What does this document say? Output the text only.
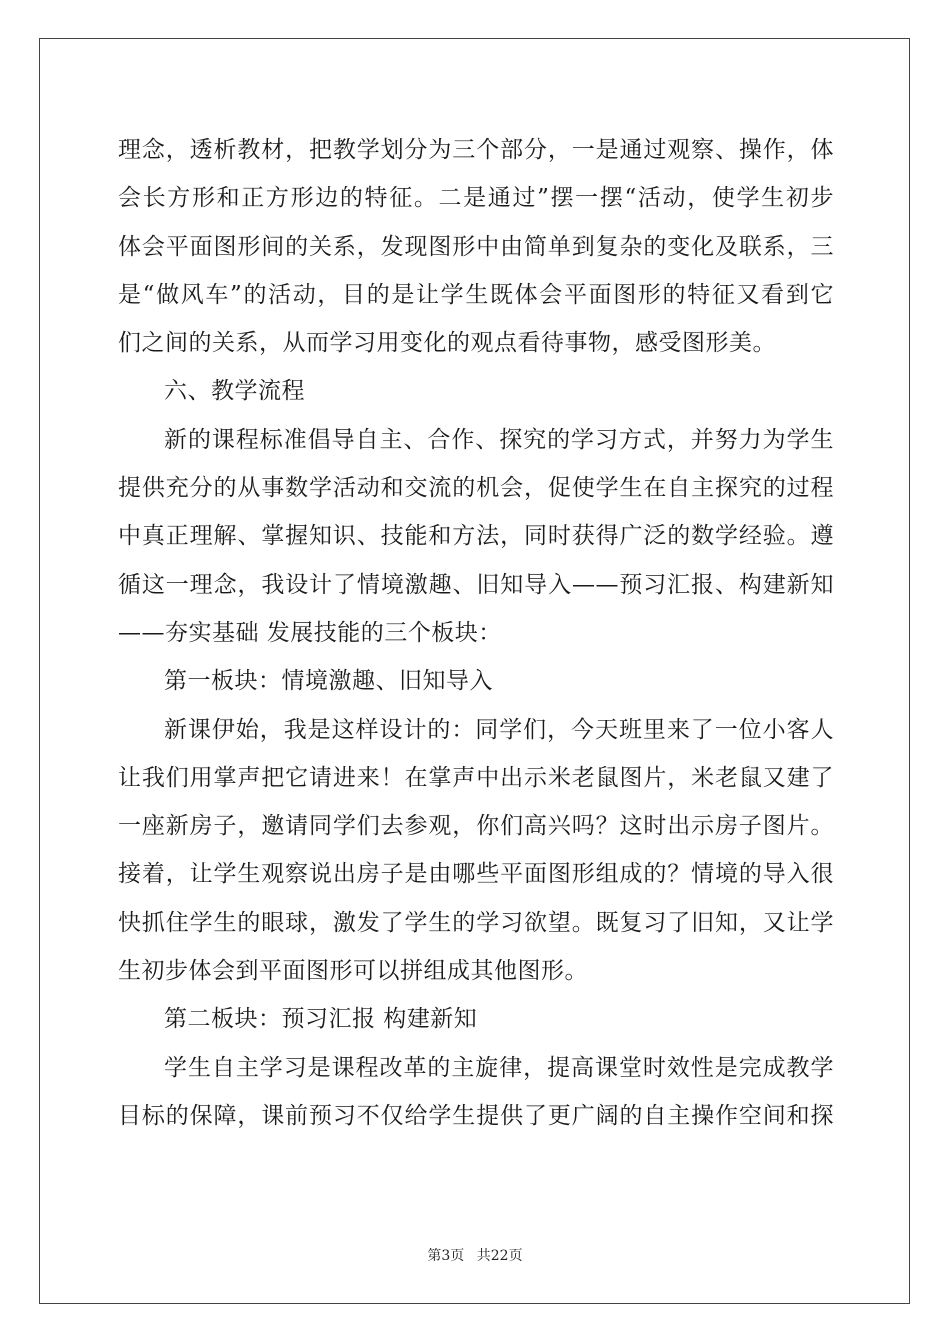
理念，透析教材，把教学划分为三个部分，一是通过观察、操作，体
会长方形和正方形边的特征。二是通过”摆一摆“活动，使学生初步
体会平面图形间的关系，发现图形中由简单到复杂的变化及联系，三
是“做风车”的活动，目的是让学生既体会平面图形的特征又看到它
们之间的关系，从而学习用变化的观点看待事物，感受图形美。
六、教学流程
新的课程标准倡导自主、合作、探究的学习方式，并努力为学生
提供充分的从事数学活动和交流的机会，促使学生在自主探究的过程
中真正理解、掌握知识、技能和方法，同时获得广泛的数学经验。遵
循这一理念，我设计了情境激趣、旧知导入——预习汇报、构建新知
——夯实基础 发展技能的三个板块：
第一板块：情境激趣、旧知导入
新课伊始，我是这样设计的：同学们，今天班里来了一位小客人
让我们用掌声把它请进来！在掌声中出示米老鼠图片，米老鼠又建了
一座新房子，邀请同学们去参观，你们高兴吗？这时出示房子图片。
接着，让学生观察说出房子是由哪些平面图形组成的？情境的导入很
快抓住学生的眼球，激发了学生的学习欲望。既复习了旧知，又让学
生初步体会到平面图形可以拼组成其他图形。
第二板块：预习汇报 构建新知
学生自主学习是课程改革的主旋律，提高课堂时效性是完成教学
目标的保障，课前预习不仅给学生提供了更广阔的自主操作空间和探
第3页 共22页
